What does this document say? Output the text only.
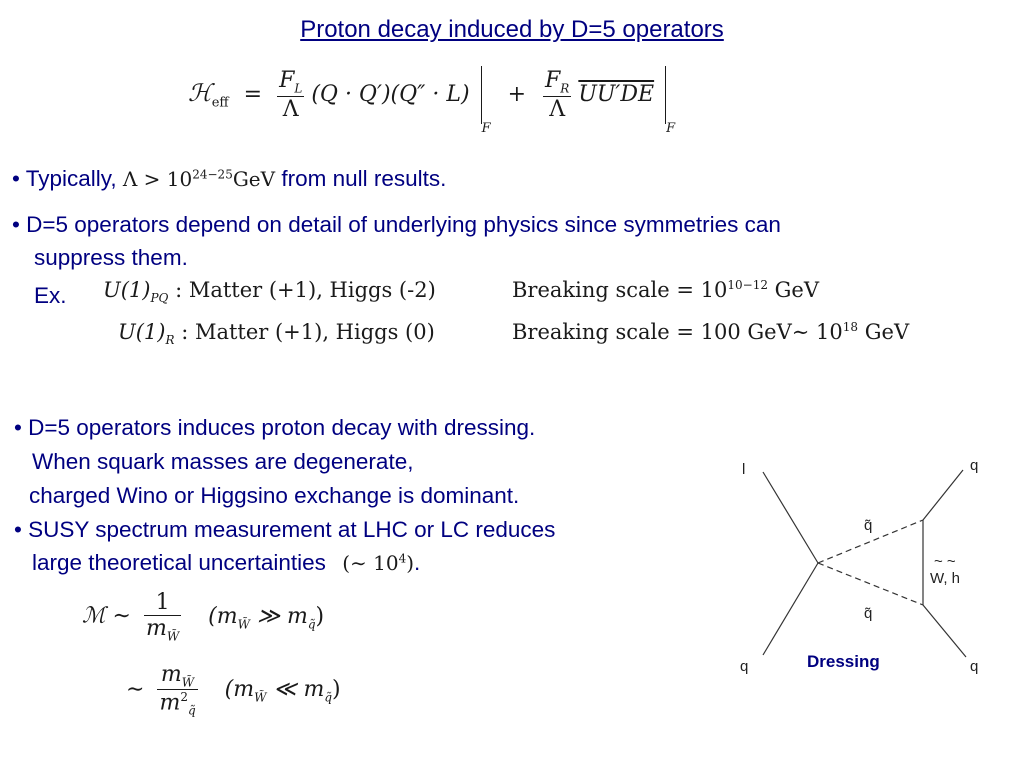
Proton decay induced by D=5 operators
ℋ$_{eff}$ = $\frac{F_L}{\Lambda} (Q \cdot Q')(Q'' \cdot L) _F + \frac{F_R}{\Lambda} UU'DE$ $_F$
• Typically, $\Lambda > 10^{24-25}GeV$ from null results.
• D=5 operators depend on detail of underlying physics since symmetries can
suppress them.
Ex. $U(1)_{PQ}$ : Matter (+1), Higgs (-2)	Breaking scale = $10^{10-12}$ GeV
$U(1)_R$ : Matter (+1), Higgs (0)	Breaking scale = 100 GeV∼ $10^{18}$ GeV
• D=5 operators induces proton decay with dressing.
When squark masses are degenerate,
charged Wino or Higgsino exchange is dominant.
• SUSY spectrum measurement at LHC or LC reduces
large theoretical uncertainties (∼ $10^4$).
ℳ ∼ $\frac{1}{m_{W̃}} (m_{W̃}$ ≫ $m_{q̃}$)
∼ $\frac{m_{W̃}}{m^2_{q̃}} (m_{W̃}$ ≪ $m_{q̃}$)
l	q
q	q
q̃
q̃
~ ~
W, h
Dressing
